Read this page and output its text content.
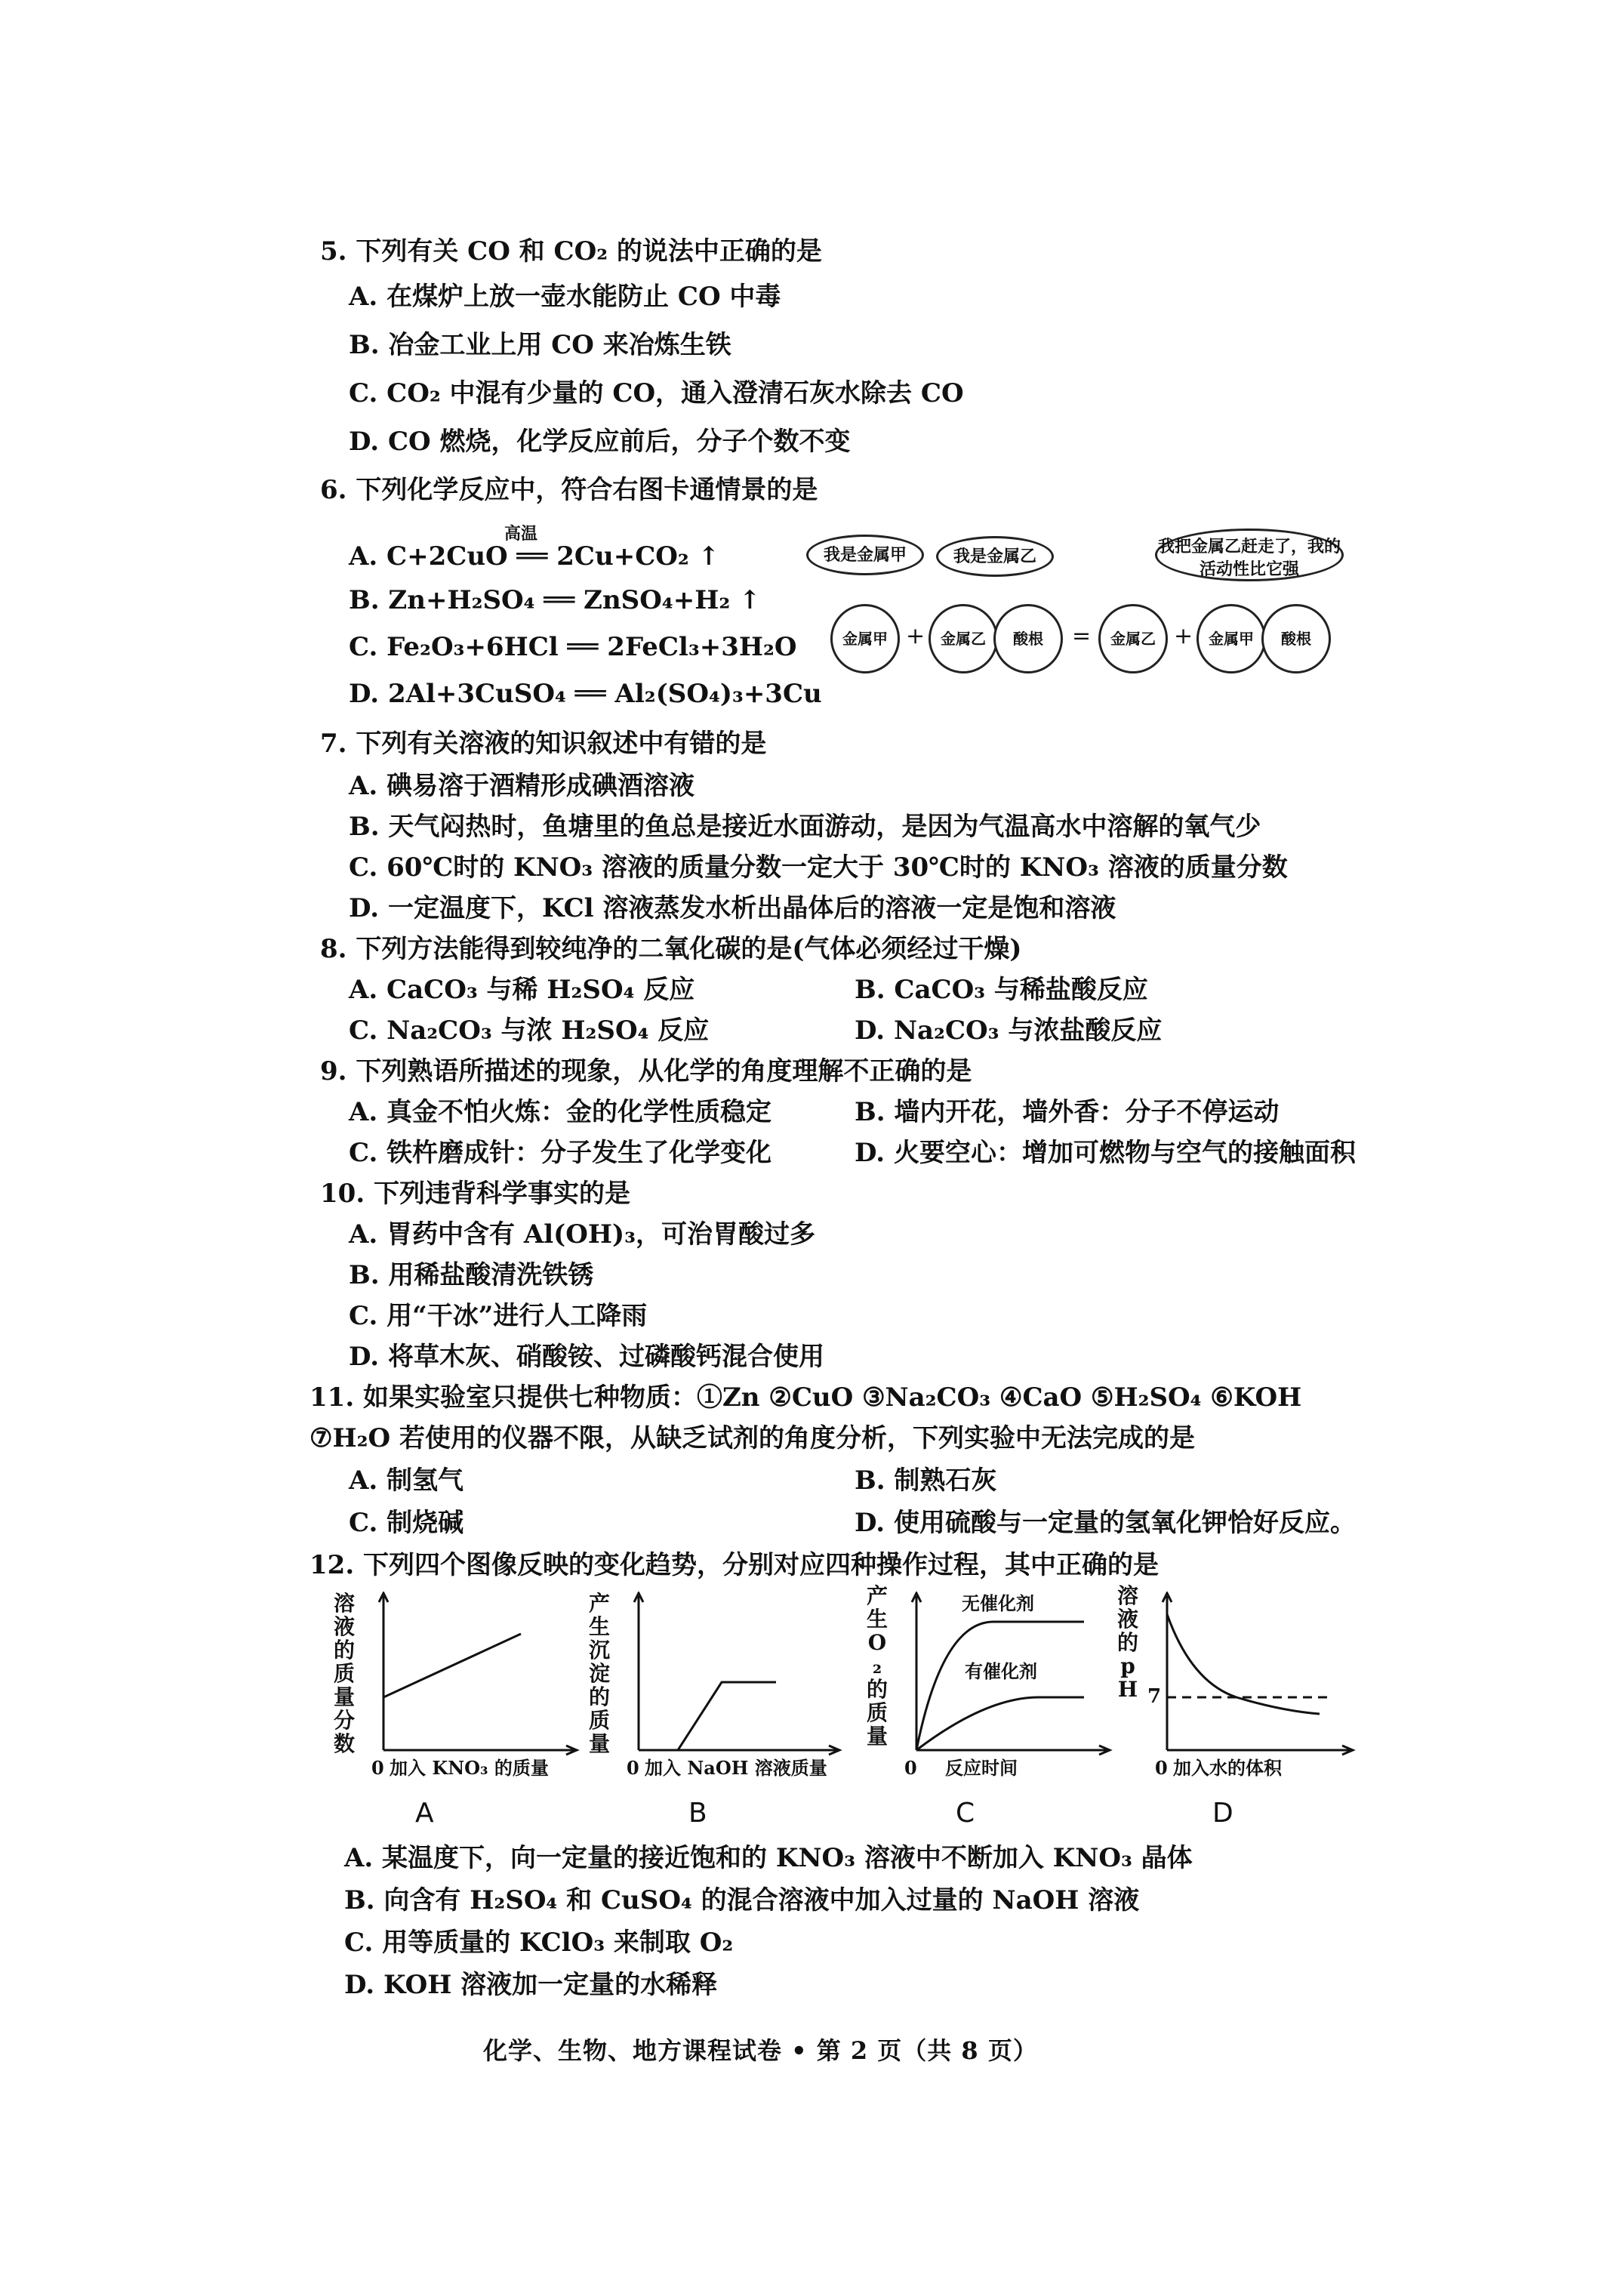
5. 下列有关 CO 和 CO₂ 的说法中正确的是
A. 在煤炉上放一壶水能防止 CO 中毒
B. 冶金工业上用 CO 来冶炼生铁
C. CO₂ 中混有少量的 CO，通入澄清石灰水除去 CO
D. CO 燃烧，化学反应前后，分子个数不变
6. 下列化学反应中，符合右图卡通情景的是
高温
A. C+2CuO ══ 2Cu+CO₂ ↑
B. Zn+H₂SO₄ ══ ZnSO₄+H₂ ↑
C. Fe₂O₃+6HCl ══ 2FeCl₃+3H₂O
D. 2Al+3CuSO₄ ══ Al₂(SO₄)₃+3Cu
我是金属甲	我是金属乙	我把金属乙赶走了，我的活动性比它强
金属甲 +	金属乙	酸根	=	金属乙 +	金属甲	酸根
7. 下列有关溶液的知识叙述中有错的是
A. 碘易溶于酒精形成碘酒溶液
B. 天气闷热时，鱼塘里的鱼总是接近水面游动，是因为气温高水中溶解的氧气少
C. 60℃时的 KNO₃ 溶液的质量分数一定大于 30℃时的 KNO₃ 溶液的质量分数
D. 一定温度下，KCl 溶液蒸发水析出晶体后的溶液一定是饱和溶液
8. 下列方法能得到较纯净的二氧化碳的是(气体必须经过干燥)
A. CaCO₃ 与稀 H₂SO₄ 反应	B. CaCO₃ 与稀盐酸反应
C. Na₂CO₃ 与浓 H₂SO₄ 反应	D. Na₂CO₃ 与浓盐酸反应
9. 下列熟语所描述的现象，从化学的角度理解不正确的是
A. 真金不怕火炼：金的化学性质稳定	B. 墙内开花，墙外香：分子不停运动
C. 铁杵磨成针：分子发生了化学变化	D. 火要空心：增加可燃物与空气的接触面积
10. 下列违背科学事实的是
A. 胃药中含有 Al(OH)₃，可治胃酸过多
B. 用稀盐酸清洗铁锈
C. 用“干冰”进行人工降雨
D. 将草木灰、硝酸铵、过磷酸钙混合使用
11. 如果实验室只提供七种物质：①Zn ②CuO ③Na₂CO₃ ④CaO ⑤H₂SO₄ ⑥KOH
⑦H₂O 若使用的仪器不限，从缺乏试剂的角度分析，下列实验中无法完成的是
A. 制氢气	B. 制熟石灰
C. 制烧碱	D. 使用硫酸与一定量的氢氧化钾恰好反应。
12. 下列四个图像反映的变化趋势，分别对应四种操作过程，其中正确的是
溶液的质量分数
0 加入 KNO₃ 的质量
A
产生沉淀的质量
0 加入 NaOH 溶液质量
B
产生O₂的质量
无催化剂
有催化剂
0 反应时间
C
溶液的pH 7
0 加入水的体积
D
A. 某温度下，向一定量的接近饱和的 KNO₃ 溶液中不断加入 KNO₃ 晶体
B. 向含有 H₂SO₄ 和 CuSO₄ 的混合溶液中加入过量的 NaOH 溶液
C. 用等质量的 KClO₃ 来制取 O₂
D. KOH 溶液加一定量的水稀释
化学、生物、地方课程试卷 • 第 2 页（共 8 页）
